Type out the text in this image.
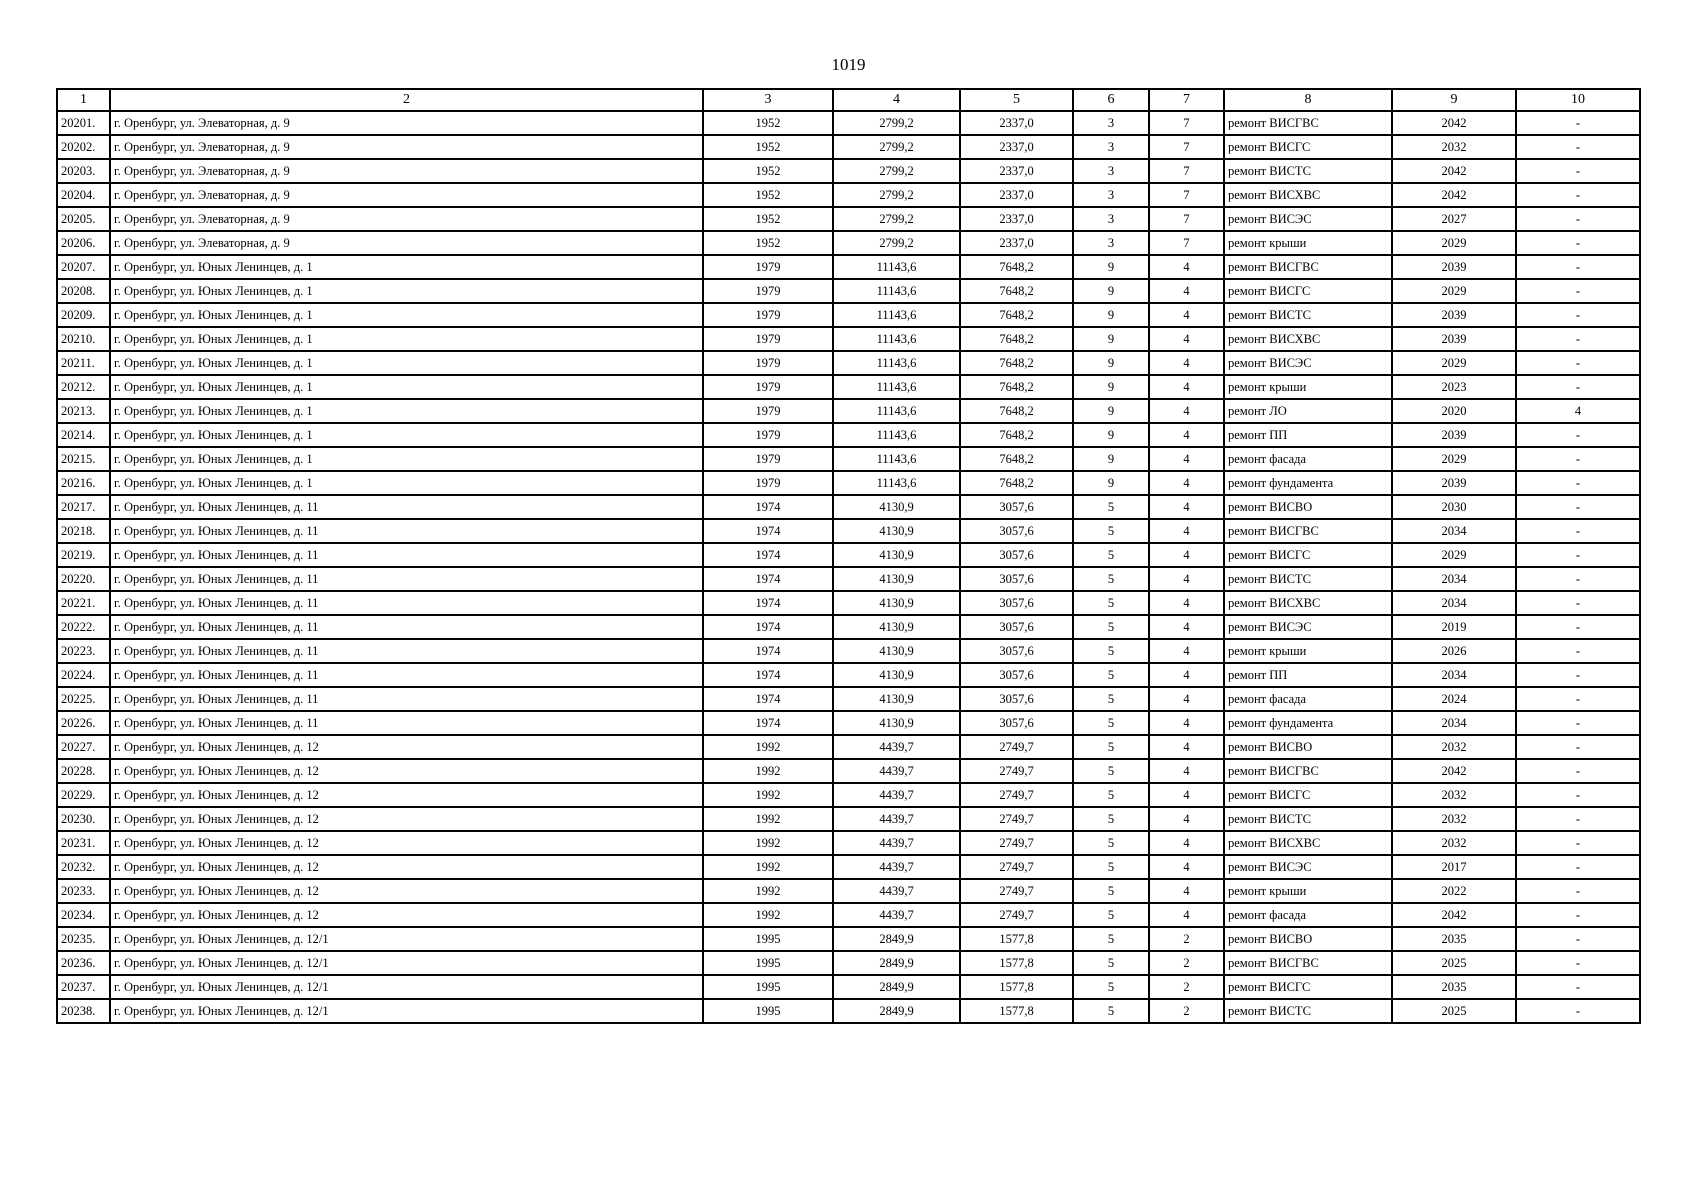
1019
1	2	3	4	5	6	7	8	9	10
20201.	г. Оренбург, ул. Элеваторная, д. 9	1952	2799,2	2337,0	3	7	ремонт ВИСГВС	2042	-
20202.	г. Оренбург, ул. Элеваторная, д. 9	1952	2799,2	2337,0	3	7	ремонт ВИСГС	2032	-
20203.	г. Оренбург, ул. Элеваторная, д. 9	1952	2799,2	2337,0	3	7	ремонт ВИСТС	2042	-
20204.	г. Оренбург, ул. Элеваторная, д. 9	1952	2799,2	2337,0	3	7	ремонт ВИСХВС	2042	-
20205.	г. Оренбург, ул. Элеваторная, д. 9	1952	2799,2	2337,0	3	7	ремонт ВИСЭС	2027	-
20206.	г. Оренбург, ул. Элеваторная, д. 9	1952	2799,2	2337,0	3	7	ремонт крыши	2029	-
20207.	г. Оренбург, ул. Юных Ленинцев, д. 1	1979	11143,6	7648,2	9	4	ремонт ВИСГВС	2039	-
20208.	г. Оренбург, ул. Юных Ленинцев, д. 1	1979	11143,6	7648,2	9	4	ремонт ВИСГС	2029	-
20209.	г. Оренбург, ул. Юных Ленинцев, д. 1	1979	11143,6	7648,2	9	4	ремонт ВИСТС	2039	-
20210.	г. Оренбург, ул. Юных Ленинцев, д. 1	1979	11143,6	7648,2	9	4	ремонт ВИСХВС	2039	-
20211.	г. Оренбург, ул. Юных Ленинцев, д. 1	1979	11143,6	7648,2	9	4	ремонт ВИСЭС	2029	-
20212.	г. Оренбург, ул. Юных Ленинцев, д. 1	1979	11143,6	7648,2	9	4	ремонт крыши	2023	-
20213.	г. Оренбург, ул. Юных Ленинцев, д. 1	1979	11143,6	7648,2	9	4	ремонт ЛО	2020	4
20214.	г. Оренбург, ул. Юных Ленинцев, д. 1	1979	11143,6	7648,2	9	4	ремонт ПП	2039	-
20215.	г. Оренбург, ул. Юных Ленинцев, д. 1	1979	11143,6	7648,2	9	4	ремонт фасада	2029	-
20216.	г. Оренбург, ул. Юных Ленинцев, д. 1	1979	11143,6	7648,2	9	4	ремонт фундамента	2039	-
20217.	г. Оренбург, ул. Юных Ленинцев, д. 11	1974	4130,9	3057,6	5	4	ремонт ВИСВО	2030	-
20218.	г. Оренбург, ул. Юных Ленинцев, д. 11	1974	4130,9	3057,6	5	4	ремонт ВИСГВС	2034	-
20219.	г. Оренбург, ул. Юных Ленинцев, д. 11	1974	4130,9	3057,6	5	4	ремонт ВИСГС	2029	-
20220.	г. Оренбург, ул. Юных Ленинцев, д. 11	1974	4130,9	3057,6	5	4	ремонт ВИСТС	2034	-
20221.	г. Оренбург, ул. Юных Ленинцев, д. 11	1974	4130,9	3057,6	5	4	ремонт ВИСХВС	2034	-
20222.	г. Оренбург, ул. Юных Ленинцев, д. 11	1974	4130,9	3057,6	5	4	ремонт ВИСЭС	2019	-
20223.	г. Оренбург, ул. Юных Ленинцев, д. 11	1974	4130,9	3057,6	5	4	ремонт крыши	2026	-
20224.	г. Оренбург, ул. Юных Ленинцев, д. 11	1974	4130,9	3057,6	5	4	ремонт ПП	2034	-
20225.	г. Оренбург, ул. Юных Ленинцев, д. 11	1974	4130,9	3057,6	5	4	ремонт фасада	2024	-
20226.	г. Оренбург, ул. Юных Ленинцев, д. 11	1974	4130,9	3057,6	5	4	ремонт фундамента	2034	-
20227.	г. Оренбург, ул. Юных Ленинцев, д. 12	1992	4439,7	2749,7	5	4	ремонт ВИСВО	2032	-
20228.	г. Оренбург, ул. Юных Ленинцев, д. 12	1992	4439,7	2749,7	5	4	ремонт ВИСГВС	2042	-
20229.	г. Оренбург, ул. Юных Ленинцев, д. 12	1992	4439,7	2749,7	5	4	ремонт ВИСГС	2032	-
20230.	г. Оренбург, ул. Юных Ленинцев, д. 12	1992	4439,7	2749,7	5	4	ремонт ВИСТС	2032	-
20231.	г. Оренбург, ул. Юных Ленинцев, д. 12	1992	4439,7	2749,7	5	4	ремонт ВИСХВС	2032	-
20232.	г. Оренбург, ул. Юных Ленинцев, д. 12	1992	4439,7	2749,7	5	4	ремонт ВИСЭС	2017	-
20233.	г. Оренбург, ул. Юных Ленинцев, д. 12	1992	4439,7	2749,7	5	4	ремонт крыши	2022	-
20234.	г. Оренбург, ул. Юных Ленинцев, д. 12	1992	4439,7	2749,7	5	4	ремонт фасада	2042	-
20235.	г. Оренбург, ул. Юных Ленинцев, д. 12/1	1995	2849,9	1577,8	5	2	ремонт ВИСВО	2035	-
20236.	г. Оренбург, ул. Юных Ленинцев, д. 12/1	1995	2849,9	1577,8	5	2	ремонт ВИСГВС	2025	-
20237.	г. Оренбург, ул. Юных Ленинцев, д. 12/1	1995	2849,9	1577,8	5	2	ремонт ВИСГС	2035	-
20238.	г. Оренбург, ул. Юных Ленинцев, д. 12/1	1995	2849,9	1577,8	5	2	ремонт ВИСТС	2025	-
